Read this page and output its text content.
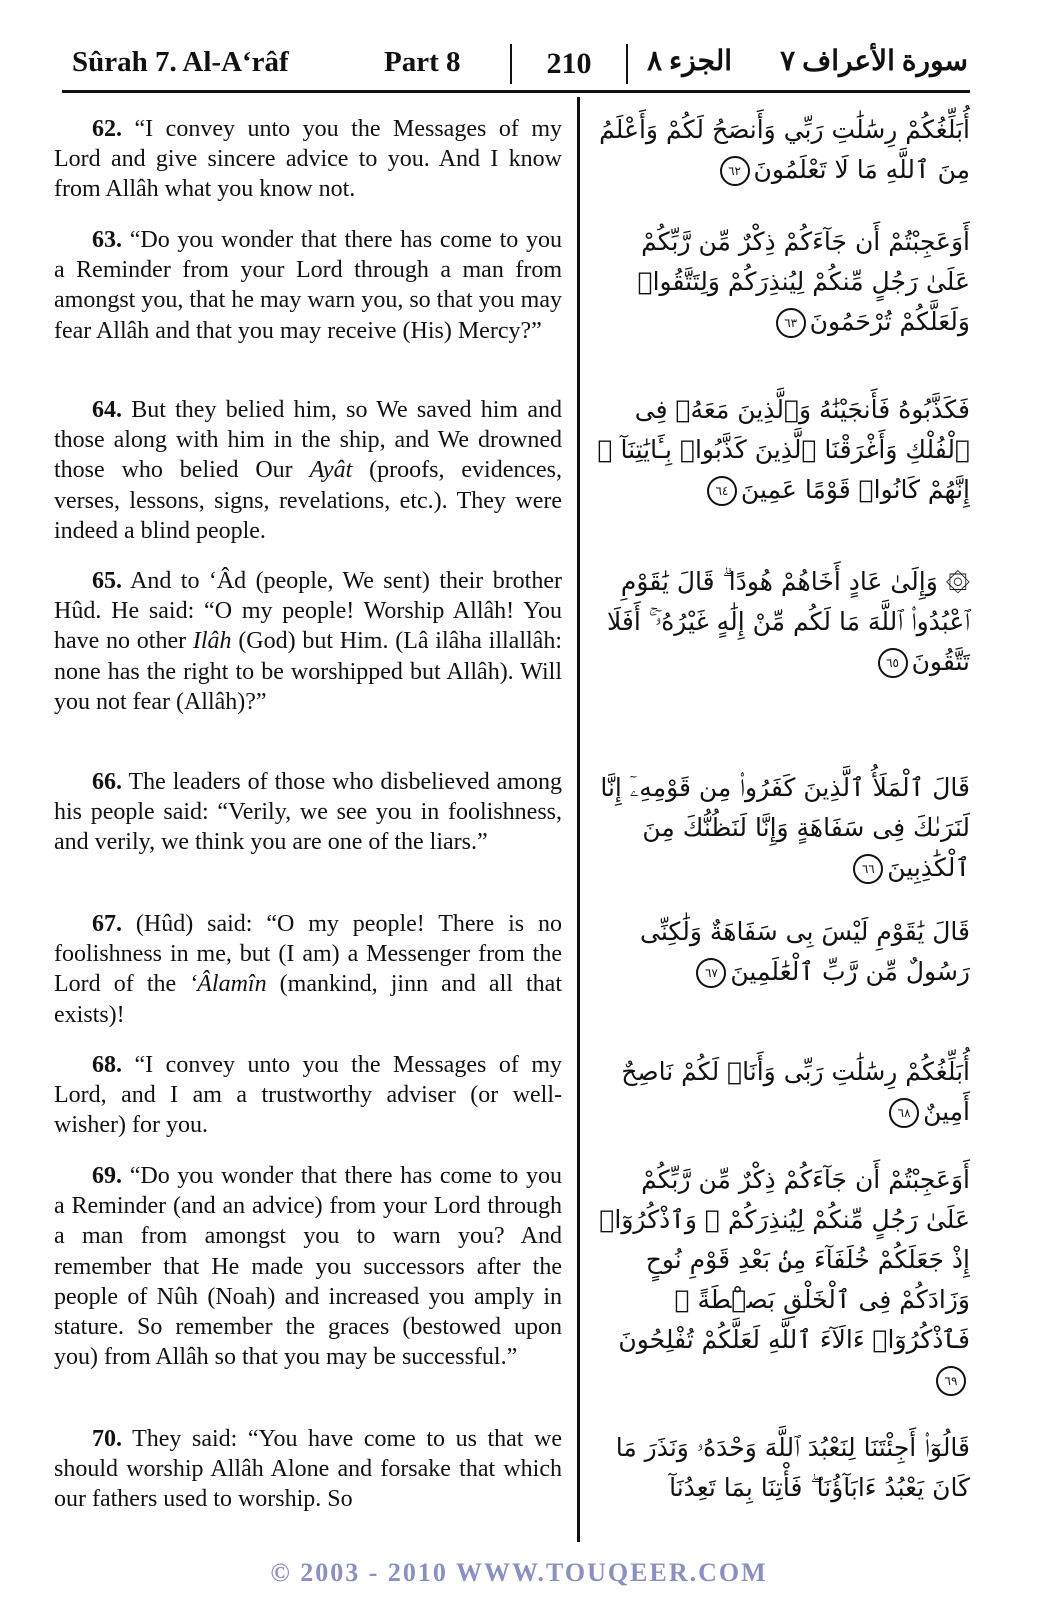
Sûrah 7. Al-A‘râf	Part 8	210 الجزء ٨ سورة الأعراف ٧
62. “I convey unto you the Messages of my Lord and give sincere advice to you. And I know from Allâh what you know not.
أُبَلِّغُكُمْ رِسَٰلَٰتِ رَبِّي وَأَنصَحُ لَكُمْ وَأَعْلَمُ مِنَ ٱللَّهِ مَا لَا تَعْلَمُونَ٦٢
63. “Do you wonder that there has come to you a Reminder from your Lord through a man from amongst you, that he may warn you, so that you may fear Allâh and that you may receive (His) Mercy?”
أَوَعَجِبْتُمْ أَن جَآءَكُمْ ذِكْرٌ مِّن رَّبِّكُمْ عَلَىٰ رَجُلٍ مِّنكُمْ لِيُنذِرَكُمْ وَلِتَتَّقُوا۟ وَلَعَلَّكُمْ تُرْحَمُونَ٦٣
64. But they belied him, so We saved him and those along with him in the ship, and We drowned those who belied Our Ayât (proofs, evidences, verses, lessons, signs, revelations, etc.). They were indeed a blind people.
فَكَذَّبُوهُ فَأَنجَيْنَٰهُ وَٱلَّذِينَ مَعَهُۥ فِى ٱلْفُلْكِ وَأَغْرَقْنَا ٱلَّذِينَ كَذَّبُوا۟ بِـَٔايَٰتِنَآ ۚ إِنَّهُمْ كَانُوا۟ قَوْمًا عَمِينَ٦٤
65. And to ‘Âd (people, We sent) their brother Hûd. He said: “O my people! Worship Allâh! You have no other Ilâh (God) but Him. (Lâ ilâha illallâh: none has the right to be worshipped but Allâh). Will you not fear (Allâh)?”
۞ وَإِلَىٰ عَادٍ أَخَاهُمْ هُودًا ۗ قَالَ يَٰقَوْمِ ٱعْبُدُوا۟ ٱللَّهَ مَا لَكُم مِّنْ إِلَٰهٍ غَيْرُهُۥٓ ۚ أَفَلَا تَتَّقُونَ٦٥
66. The leaders of those who disbelieved among his people said: “Verily, we see you in foolishness, and verily, we think you are one of the liars.”
قَالَ ٱلْمَلَأُ ٱلَّذِينَ كَفَرُوا۟ مِن قَوْمِهِۦٓ إِنَّا لَنَرَىٰكَ فِى سَفَاهَةٍ وَإِنَّا لَنَظُنُّكَ مِنَ ٱلْكَٰذِبِينَ٦٦
67. (Hûd) said: “O my people! There is no foolishness in me, but (I am) a Messenger from the Lord of the ‘Âlamîn (mankind, jinn and all that exists)!
قَالَ يَٰقَوْمِ لَيْسَ بِى سَفَاهَةٌ وَلَٰكِنِّى رَسُولٌ مِّن رَّبِّ ٱلْعَٰلَمِينَ٦٧
68. “I convey unto you the Messages of my Lord, and I am a trustworthy adviser (or well-wisher) for you.
أُبَلِّغُكُمْ رِسَٰلَٰتِ رَبِّى وَأَنَا۠ لَكُمْ نَاصِحٌ أَمِينٌ٦٨
69. “Do you wonder that there has come to you a Reminder (and an advice) from your Lord through a man from amongst you to warn you? And remember that He made you successors after the people of Nûh (Noah) and increased you amply in stature. So remember the graces (bestowed upon you) from Allâh so that you may be successful.”
أَوَعَجِبْتُمْ أَن جَآءَكُمْ ذِكْرٌ مِّن رَّبِّكُمْ عَلَىٰ رَجُلٍ مِّنكُمْ لِيُنذِرَكُمْ ۚ وَٱذْكُرُوٓا۟ إِذْ جَعَلَكُمْ خُلَفَآءَ مِنۢ بَعْدِ قَوْمِ نُوحٍ وَزَادَكُمْ فِى ٱلْخَلْقِ بَصْۜطَةً ۖ فَٱذْكُرُوٓا۟ ءَالَآءَ ٱللَّهِ لَعَلَّكُمْ تُفْلِحُونَ٦٩
70. They said: “You have come to us that we should worship Allâh Alone and forsake that which our fathers used to worship. So
قَالُوٓا۟ أَجِئْتَنَا لِنَعْبُدَ ٱللَّهَ وَحْدَهُۥ وَنَذَرَ مَا كَانَ يَعْبُدُ ءَابَآؤُنَا ۖ فَأْتِنَا بِمَا تَعِدُنَآ
© 2003 - 2010 WWW.TOUQEER.COM
